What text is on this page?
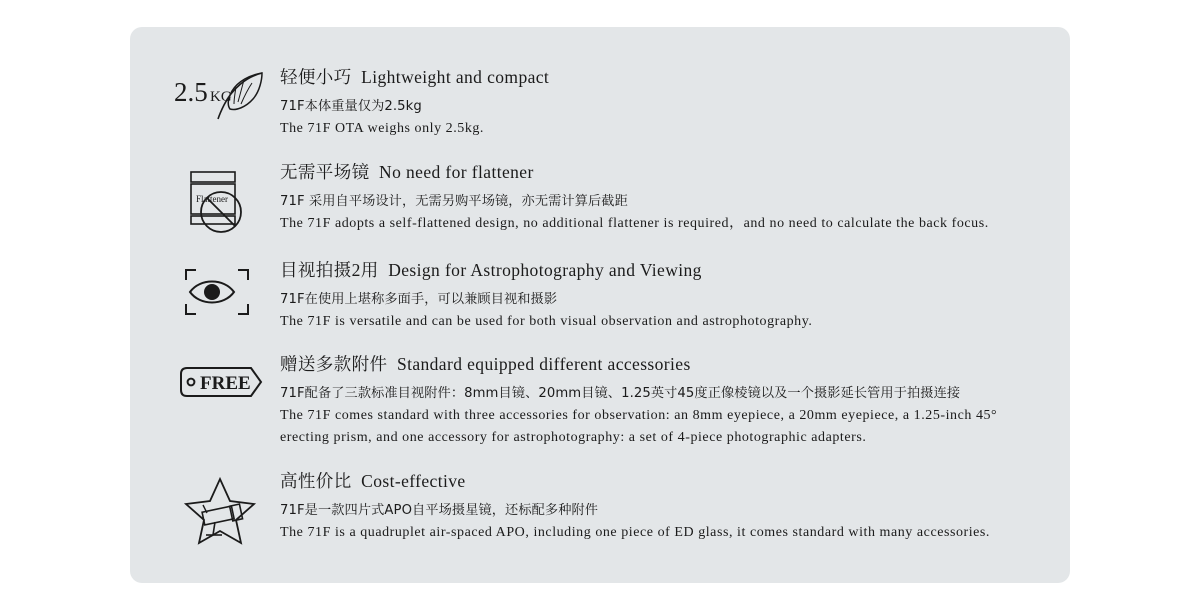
2.5 KG
轻便小巧  Lightweight and compact
71F本体重量仅为2.5kg
The 71F OTA weighs only 2.5kg.
Flattener
无需平场镜  No need for flattener
71F 采用自平场设计，无需另购平场镜，亦无需计算后截距
The 71F adopts a self-flattened design, no additional flattener is required，and no need to calculate the back focus.
目视拍摄2用  Design for Astrophotography and Viewing
71F在使用上堪称多面手，可以兼顾目视和摄影
The 71F is versatile and can be used for both visual observation and astrophotography.
FREE
赠送多款附件  Standard equipped different accessories
71F配备了三款标准目视附件：8mm目镜、20mm目镜、1.25英寸45度正像棱镜以及一个摄影延长管用于拍摄连接
The 71F comes standard with three accessories for observation: an 8mm eyepiece, a 20mm eyepiece, a 1.25-inch 45° erecting prism, and one accessory for astrophotography: a set of 4-piece photographic adapters.
高性价比  Cost-effective
71F是一款四片式APO自平场摄星镜，还标配多种附件
The 71F is a quadruplet air-spaced APO, including one piece of ED glass, it comes standard with many accessories.
